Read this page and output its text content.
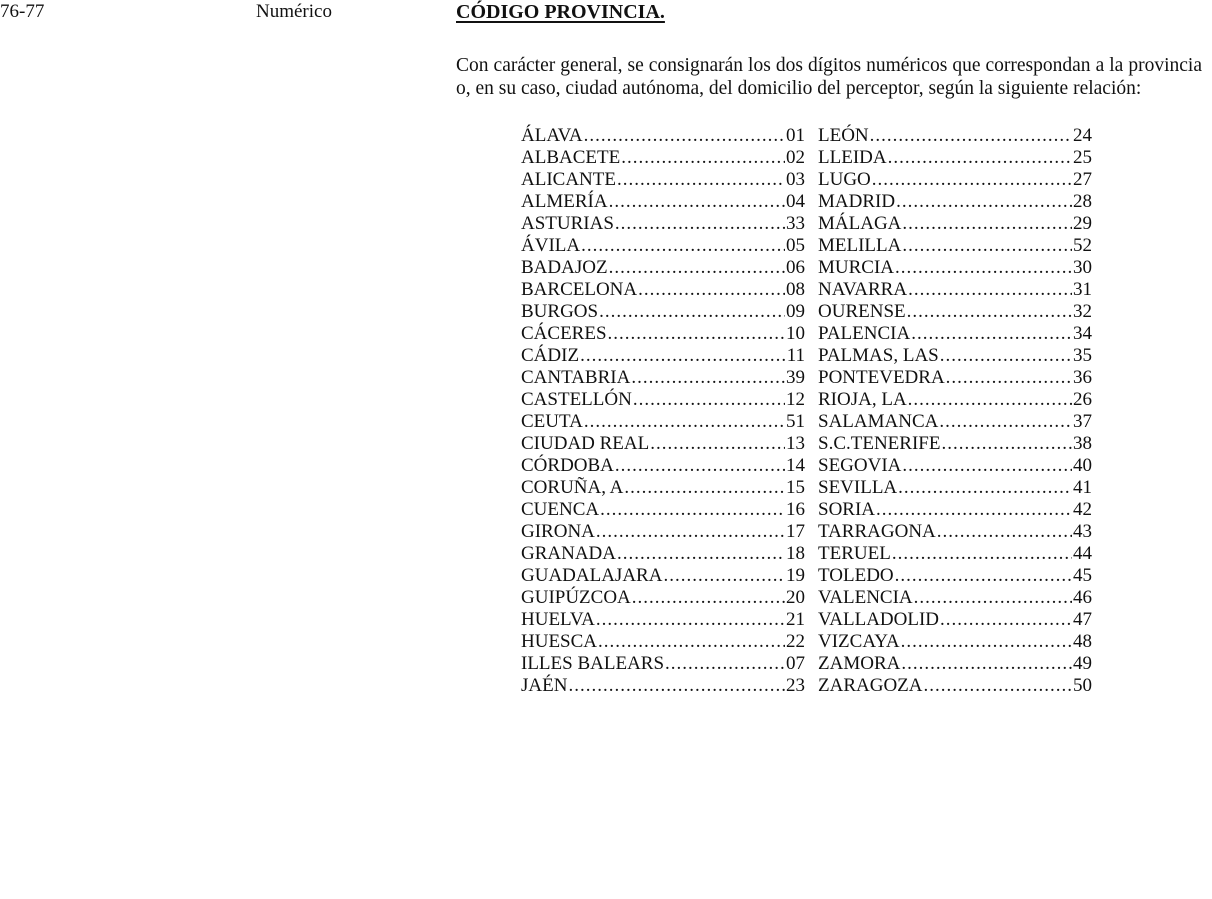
76-77	Numérico	CÓDIGO PROVINCIA.

Con carácter general, se consignarán los dos dígitos numéricos que correspondan a la provincia o, en su caso, ciudad autónoma, del domicilio del perceptor, según la siguiente relación:

ÁLAVA .....	01
ALBACETE .....	02
ALICANTE .....	03
ALMERÍA .....	04
ASTURIAS .....	33
ÁVILA .....	05
BADAJOZ .....	06
BARCELONA .....	08
BURGOS .....	09
CÁCERES .....	10
CÁDIZ .....	11
CANTABRIA .....	39
CASTELLÓN .....	12
CEUTA .....	51
CIUDAD REAL .....	13
CÓRDOBA .....	14
CORUÑA, A .....	15
CUENCA .....	16
GIRONA .....	17
GRANADA .....	18
GUADALAJARA .....	19
GUIPÚZCOA .....	20
HUELVA .....	21
HUESCA .....	22
ILLES BALEARS .....	07
JAÉN .....	23
LEÓN .....	24
LLEIDA .....	25
LUGO .....	27
MADRID .....	28
MÁLAGA .....	29
MELILLA .....	52
MURCIA .....	30
NAVARRA .....	31
OURENSE .....	32
PALENCIA .....	34
PALMAS, LAS .....	35
PONTEVEDRA .....	36
RIOJA, LA .....	26
SALAMANCA .....	37
S.C.TENERIFE .....	38
SEGOVIA .....	40
SEVILLA .....	41
SORIA .....	42
TARRAGONA .....	43
TERUEL .....	44
TOLEDO .....	45
VALENCIA .....	46
VALLADOLID .....	47
VIZCAYA .....	48
ZAMORA .....	49
ZARAGOZA .....	50
